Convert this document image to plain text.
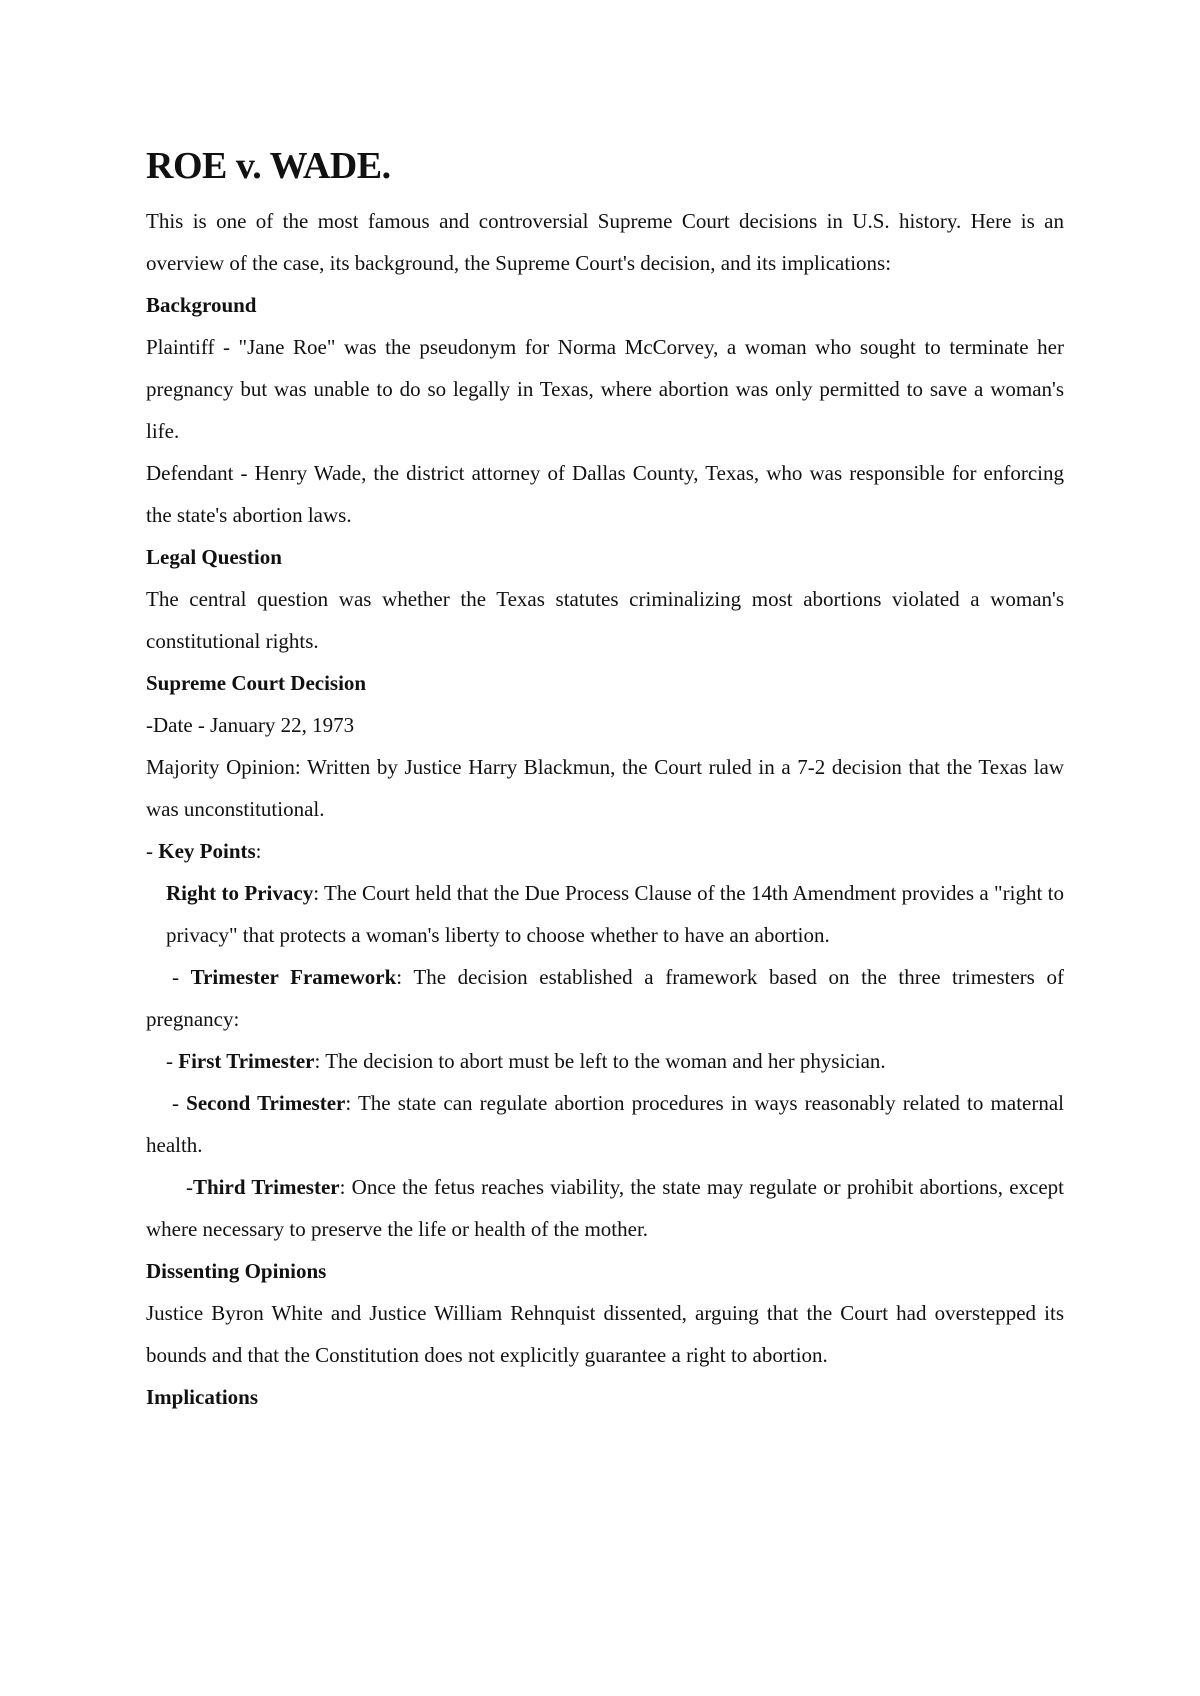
ROE v. WADE.

This is one of the most famous and controversial Supreme Court decisions in U.S. history. Here is an overview of the case, its background, the Supreme Court's decision, and its implications:

Background

Plaintiff - "Jane Roe" was the pseudonym for Norma McCorvey, a woman who sought to terminate her pregnancy but was unable to do so legally in Texas, where abortion was only permitted to save a woman's life.

Defendant - Henry Wade, the district attorney of Dallas County, Texas, who was responsible for enforcing the state's abortion laws.

Legal Question

The central question was whether the Texas statutes criminalizing most abortions violated a woman's constitutional rights.

Supreme Court Decision

-Date - January 22, 1973

Majority Opinion: Written by Justice Harry Blackmun, the Court ruled in a 7-2 decision that the Texas law was unconstitutional.

- Key Points:

Right to Privacy: The Court held that the Due Process Clause of the 14th Amendment provides a "right to privacy" that protects a woman's liberty to choose whether to have an abortion.

- Trimester Framework: The decision established a framework based on the three trimesters of pregnancy:

- First Trimester: The decision to abort must be left to the woman and her physician.

- Second Trimester: The state can regulate abortion procedures in ways reasonably related to maternal health.

-Third Trimester: Once the fetus reaches viability, the state may regulate or prohibit abortions, except where necessary to preserve the life or health of the mother.

Dissenting Opinions

Justice Byron White and Justice William Rehnquist dissented, arguing that the Court had overstepped its bounds and that the Constitution does not explicitly guarantee a right to abortion.

Implications
